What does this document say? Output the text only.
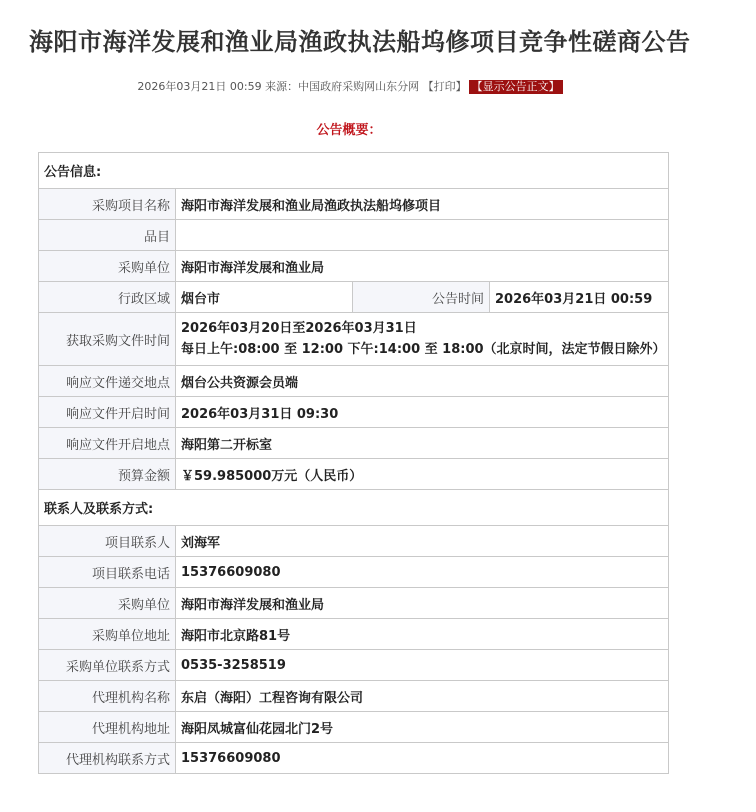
海阳市海洋发展和渔业局渔政执法船坞修项目竞争性磋商公告
2026年03月21日 00:59 来源：中国政府采购网山东分网 【打印】 【显示公告正文】
公告概要：
公告信息:			
采购项目名称	海阳市海洋发展和渔业局渔政执法船坞修项目		
品目			
采购单位	海阳市海洋发展和渔业局		
行政区域	烟台市	公告时间	2026年03月21日 00:59
获取采购文件时间	2026年03月20日至2026年03月31日
每日上午:08:00 至 12:00 下午:14:00 至 18:00（北京时间，法定节假日除外）		

响应文件递交地点	烟台公共资源会员端		
响应文件开启时间	2026年03月31日 09:30		
响应文件开启地点	海阳第二开标室		
预算金额	￥59.985000万元（人民币）		
联系人及联系方式:			
项目联系人	刘海军		
项目联系电话	15376609080		
采购单位	海阳市海洋发展和渔业局		
采购单位地址	海阳市北京路81号		
采购单位联系方式	0535-3258519		
代理机构名称	东启（海阳）工程咨询有限公司		
代理机构地址	海阳凤城富仙花园北门2号		
代理机构联系方式	15376609080		
